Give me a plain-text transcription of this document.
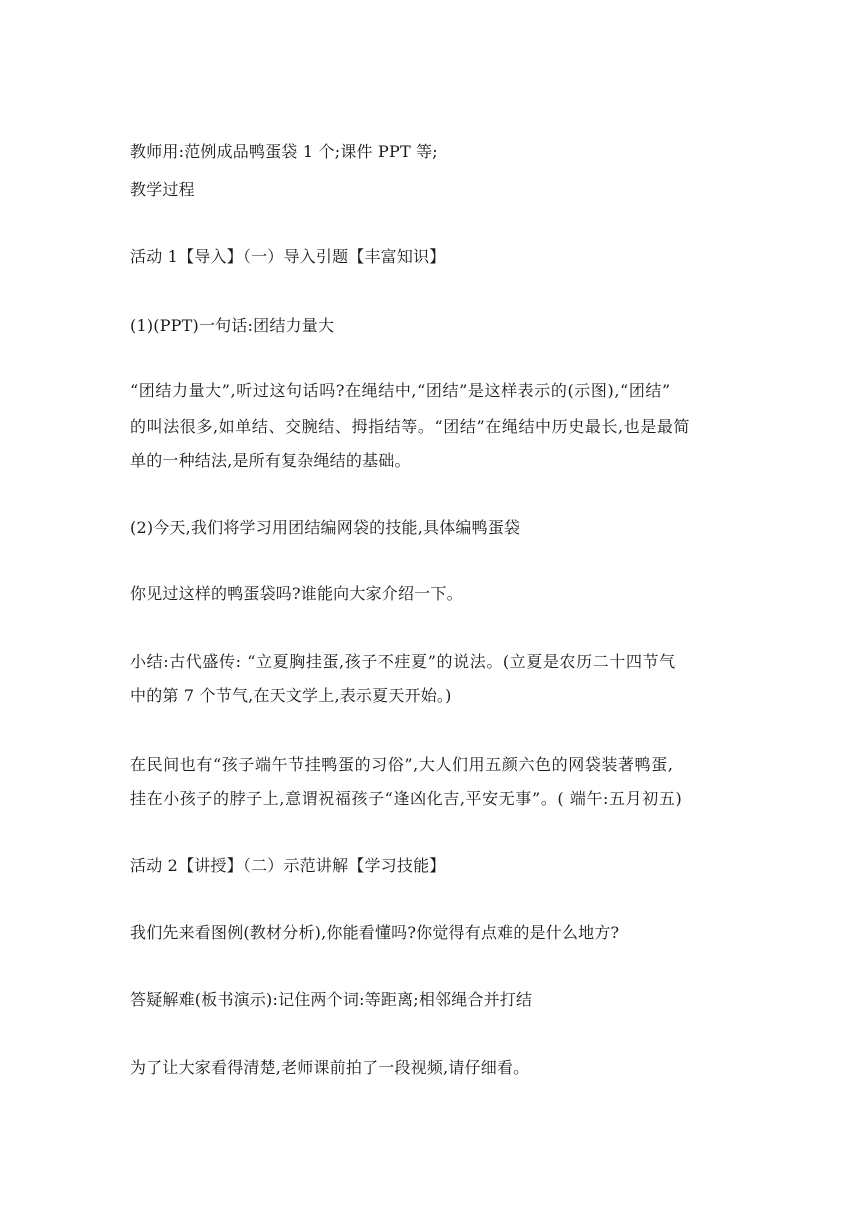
教师用:范例成品鸭蛋袋 1 个;课件 PPT 等;
教学过程
活动 1【导入】（一）导入引题【丰富知识】
(1)(PPT)一句话:团结力量大
“团结力量大”,听过这句话吗?在绳结中,“团结”是这样表示的(示图),“团结”
的叫法很多,如单结、交腕结、拇指结等。“团结”在绳结中历史最长,也是最简
单的一种结法,是所有复杂绳结的基础。
(2)今天,我们将学习用团结编网袋的技能,具体编鸭蛋袋
你见过这样的鸭蛋袋吗?谁能向大家介绍一下。
小结:古代盛传: “立夏胸挂蛋,孩子不疰夏”的说法。(立夏是农历二十四节气
中的第 7 个节气,在天文学上,表示夏天开始。)
在民间也有“孩子端午节挂鸭蛋的习俗”,大人们用五颜六色的网袋装著鸭蛋,
挂在小孩子的脖子上,意谓祝福孩子“逢凶化吉,平安无事”。( 端午:五月初五)
活动 2【讲授】（二）示范讲解【学习技能】
我们先来看图例(教材分析),你能看懂吗?你觉得有点难的是什么地方?
答疑解难(板书演示):记住两个词:等距离;相邻绳合并打结
为了让大家看得清楚,老师课前拍了一段视频,请仔细看。
